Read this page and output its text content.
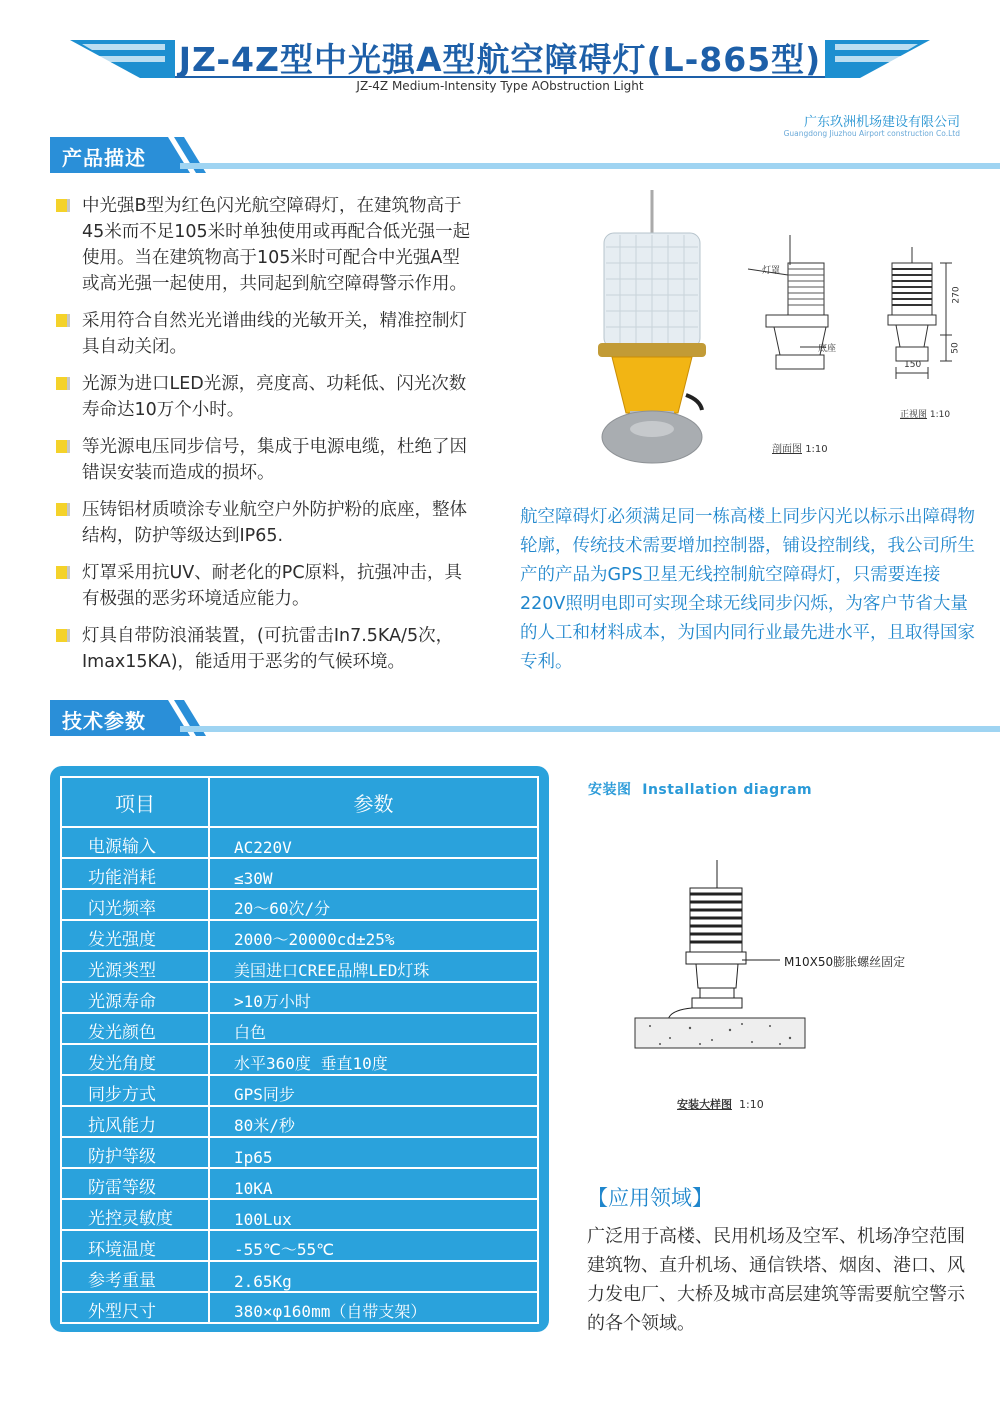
JZ-4Z型中光强A型航空障碍灯(L-865型)
JZ-4Z Medium-Intensity Type AObstruction Light
广东玖洲机场建设有限公司
Guangdong Jiuzhou Airport construction Co.Ltd
产品描述
中光强B型为红色闪光航空障碍灯，在建筑物高于45米而不足105米时单独使用或再配合低光强一起使用。当在建筑物高于105米时可配合中光强A型或高光强一起使用，共同起到航空障碍警示作用。
采用符合自然光光谱曲线的光敏开关，精准控制灯具自动关闭。
光源为进口LED光源，亮度高、功耗低、闪光次数寿命达10万个小时。
等光源电压同步信号，集成于电源电缆，杜绝了因错误安装而造成的损坏。
压铸铝材质喷涂专业航空户外防护粉的底座，整体结构，防护等级达到IP65.
灯罩采用抗UV、耐老化的PC原料，抗强冲击，具有极强的恶劣环境适应能力。
灯具自带防浪涌装置，(可抗雷击In7.5KA/5次，Imax15KA)，能适用于恶劣的气候环境。
灯罩
底座
270
50
150
剖面图 1:10
正视图 1:10
航空障碍灯必须满足同一栋高楼上同步闪光以标示出障碍物轮廓，传统技术需要增加控制器，铺设控制线，我公司所生产的产品为GPS卫星无线控制航空障碍灯，只需要连接220V照明电即可实现全球无线同步闪烁，为客户节省大量的人工和材料成本，为国内同行业最先进水平，且取得国家专利。
技术参数
项目	参数
电源输入	AC220V
功能消耗	≤30W
闪光频率	20～60次/分
发光强度	2000～20000cd±25%
光源类型	美国进口CREE品牌LED灯珠
光源寿命	>10万小时
发光颜色	白色
发光角度	水平360度 垂直10度
同步方式	GPS同步
抗风能力	80米/秒
防护等级	Ip65
防雷等级	10KA
光控灵敏度	100Lux
环境温度	-55℃～55℃
参考重量	2.65Kg
外型尺寸	380×φ160mm（自带支架）
安装图 Installation diagram
M10X50膨胀螺丝固定
安装大样图 1:10
【应用领域】
广泛用于高楼、民用机场及空军、机场净空范围建筑物、直升机场、通信铁塔、烟囱、港口、风力发电厂、大桥及城市高层建筑等需要航空警示的各个领域。
